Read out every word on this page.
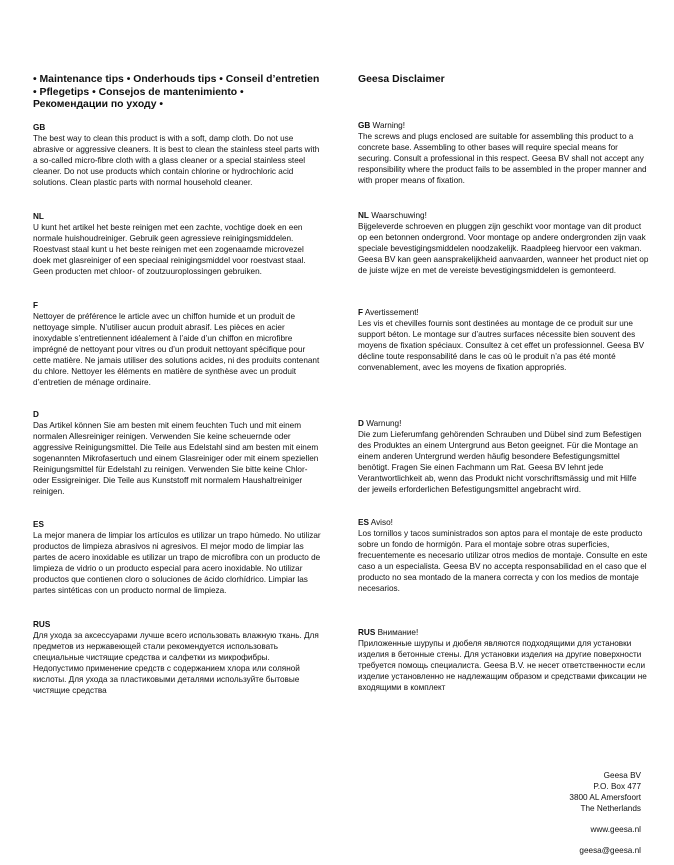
• Maintenance tips • Onderhouds tips • Conseil d’entretien • Pflegetips • Consejos de mantenimiento • Рекомендации по уходу •
GB

The best way to clean this product is with a soft, damp cloth. Do not use abrasive or aggressive cleaners. It is best to clean the stainless steel parts with a so-called micro-fibre cloth with a glass cleaner or a special stainless steel cleaner. Do not use products which contain chlorine or hydrochloric acid solutions. Clean plastic parts with normal household cleaner.

NL

U kunt het artikel het beste reinigen met een zachte, vochtige doek en een normale huishoudreiniger. Gebruik geen agressieve reinigingsmiddelen. Roestvast staal kunt u het beste reinigen met een zogenaamde microvezel doek met glasreiniger of een speciaal reinigingsmiddel voor roestvast staal. Geen producten met chloor- of zoutzuuroplossingen gebruiken.

F

Nettoyer de préférence le article avec un chiffon humide et un produit de nettoyage simple. N’utiliser aucun produit abrasif. Les pièces en acier inoxydable s’entretiennent idéalement à l’aide d’un chiffon en microfibre imprégné de nettoyant pour vitres ou d’un produit nettoyant spécifique pour cette matière. Ne jamais utiliser des solutions acides, ni des produits contenant du chlore. Nettoyer les éléments en matière de synthèse avec un produit d’entretien de ménage ordinaire.

D

Das Artikel können Sie am besten mit einem feuchten Tuch und mit einem normalen Allesreiniger reinigen. Verwenden Sie keine scheuernde oder aggressive Reinigungsmittel. Die Teile aus Edelstahl sind am besten mit einem sogenannten Mikrofasertuch und einem Glasreiniger oder mit einem speziellen Reinigungsmittel für Edelstahl zu reinigen. Verwenden Sie bitte keine Chlor- oder Essigreiniger. Die Teile aus Kunststoff mit normalem Haushaltreiniger reinigen.

ES

La mejor manera de limpiar los artículos es utilizar un trapo húmedo. No utilizar productos de limpieza abrasivos ni agresivos. El mejor modo de limpiar las partes de acero inoxidable es utilizar un trapo de microfibra con un producto de limpieza de vidrio o un producto especial para acero inoxidable. No utilizar productos que contienen cloro o soluciones de ácido clorhídrico. Limpiar las partes sintéticas con un producto normal de limpieza.

RUS

Для ухода за аксессуарами лучше всего использовать влажную ткань. Для предметов из нержавеющей стали рекомендуется использовать специальные чистящие средства и салфетки из микрофибры. Недопустимо применение средств с содержанием хлора или соляной кислоты. Для ухода за пластиковыми деталями используйте бытовые чистящие средства

Geesa Disclaimer
GB Warning!

The screws and plugs enclosed are suitable for assembling this product to a concrete base. Assembling to other bases will require special means for securing. Consult a professional in this respect. Geesa BV shall not accept any responsibility where the product fails to be assembled in the proper manner and with proper means of fixation.

NL Waarschuwing!

Bijgeleverde schroeven en pluggen zijn geschikt voor montage van dit product op een betonnen ondergrond. Voor montage op andere ondergronden zijn vaak speciale bevestigingsmiddelen noodzakelijk. Raadpleeg hiervoor een vakman. Geesa BV kan geen aansprakelijkheid aanvaarden, wanneer het product niet op de juiste wijze en met de vereiste bevestigingsmiddelen is gemonteerd.

F Avertissement!

Les vis et chevilles fournis sont destinées au montage de ce produit sur une support béton. Le montage sur d’autres surfaces nécessite bien souvent des moyens de fixation spéciaux. Consultez à cet effet un professionnel. Geesa BV décline toute responsabilité dans le cas où le produit n’a pas été monté convenablement, avec les moyens de fixation appropriés.

D Warnung!

Die zum Lieferumfang gehörenden Schrauben und Dübel sind zum Befestigen des Produktes an einem Untergrund aus Beton geeignet. Für die Montage an einem anderen Untergrund werden häufig besondere Befestigungsmittel benötigt. Fragen Sie einen Fachmann um Rat. Geesa BV lehnt jede Verantwortlichkeit ab, wenn das Produkt nicht vorschriftsmässig und mit Hilfe der jeweils erforderlichen Befestigungsmittel angebracht wird.

ES Aviso!

Los tornillos y tacos suministrados son aptos para el montaje de este producto sobre un fondo de hormigón. Para el montaje sobre otras superficies, frecuentemente es necesario utilizar otros medios de montaje. Consulte en este caso a un especialista. Geesa BV no accepta responsabilidad en el caso que el producto no sea montado de la manera correcta y con los medios de montaje necesarios.

RUS Внимание!

Приложенные шурупы и дюбеля являются подходящими для установки изделия в бетонные стены. Для установки изделия на другие поверхности требуется помощь специалиста. Geesa B.V. не несет ответственности если изделие установленно не надлежащим образом и средствами фиксации не входящими в комплект

Geesa BV
P.O. Box 477
3800 AL Amersfoort
The Netherlands
www.geesa.nl
geesa@geesa.nl
